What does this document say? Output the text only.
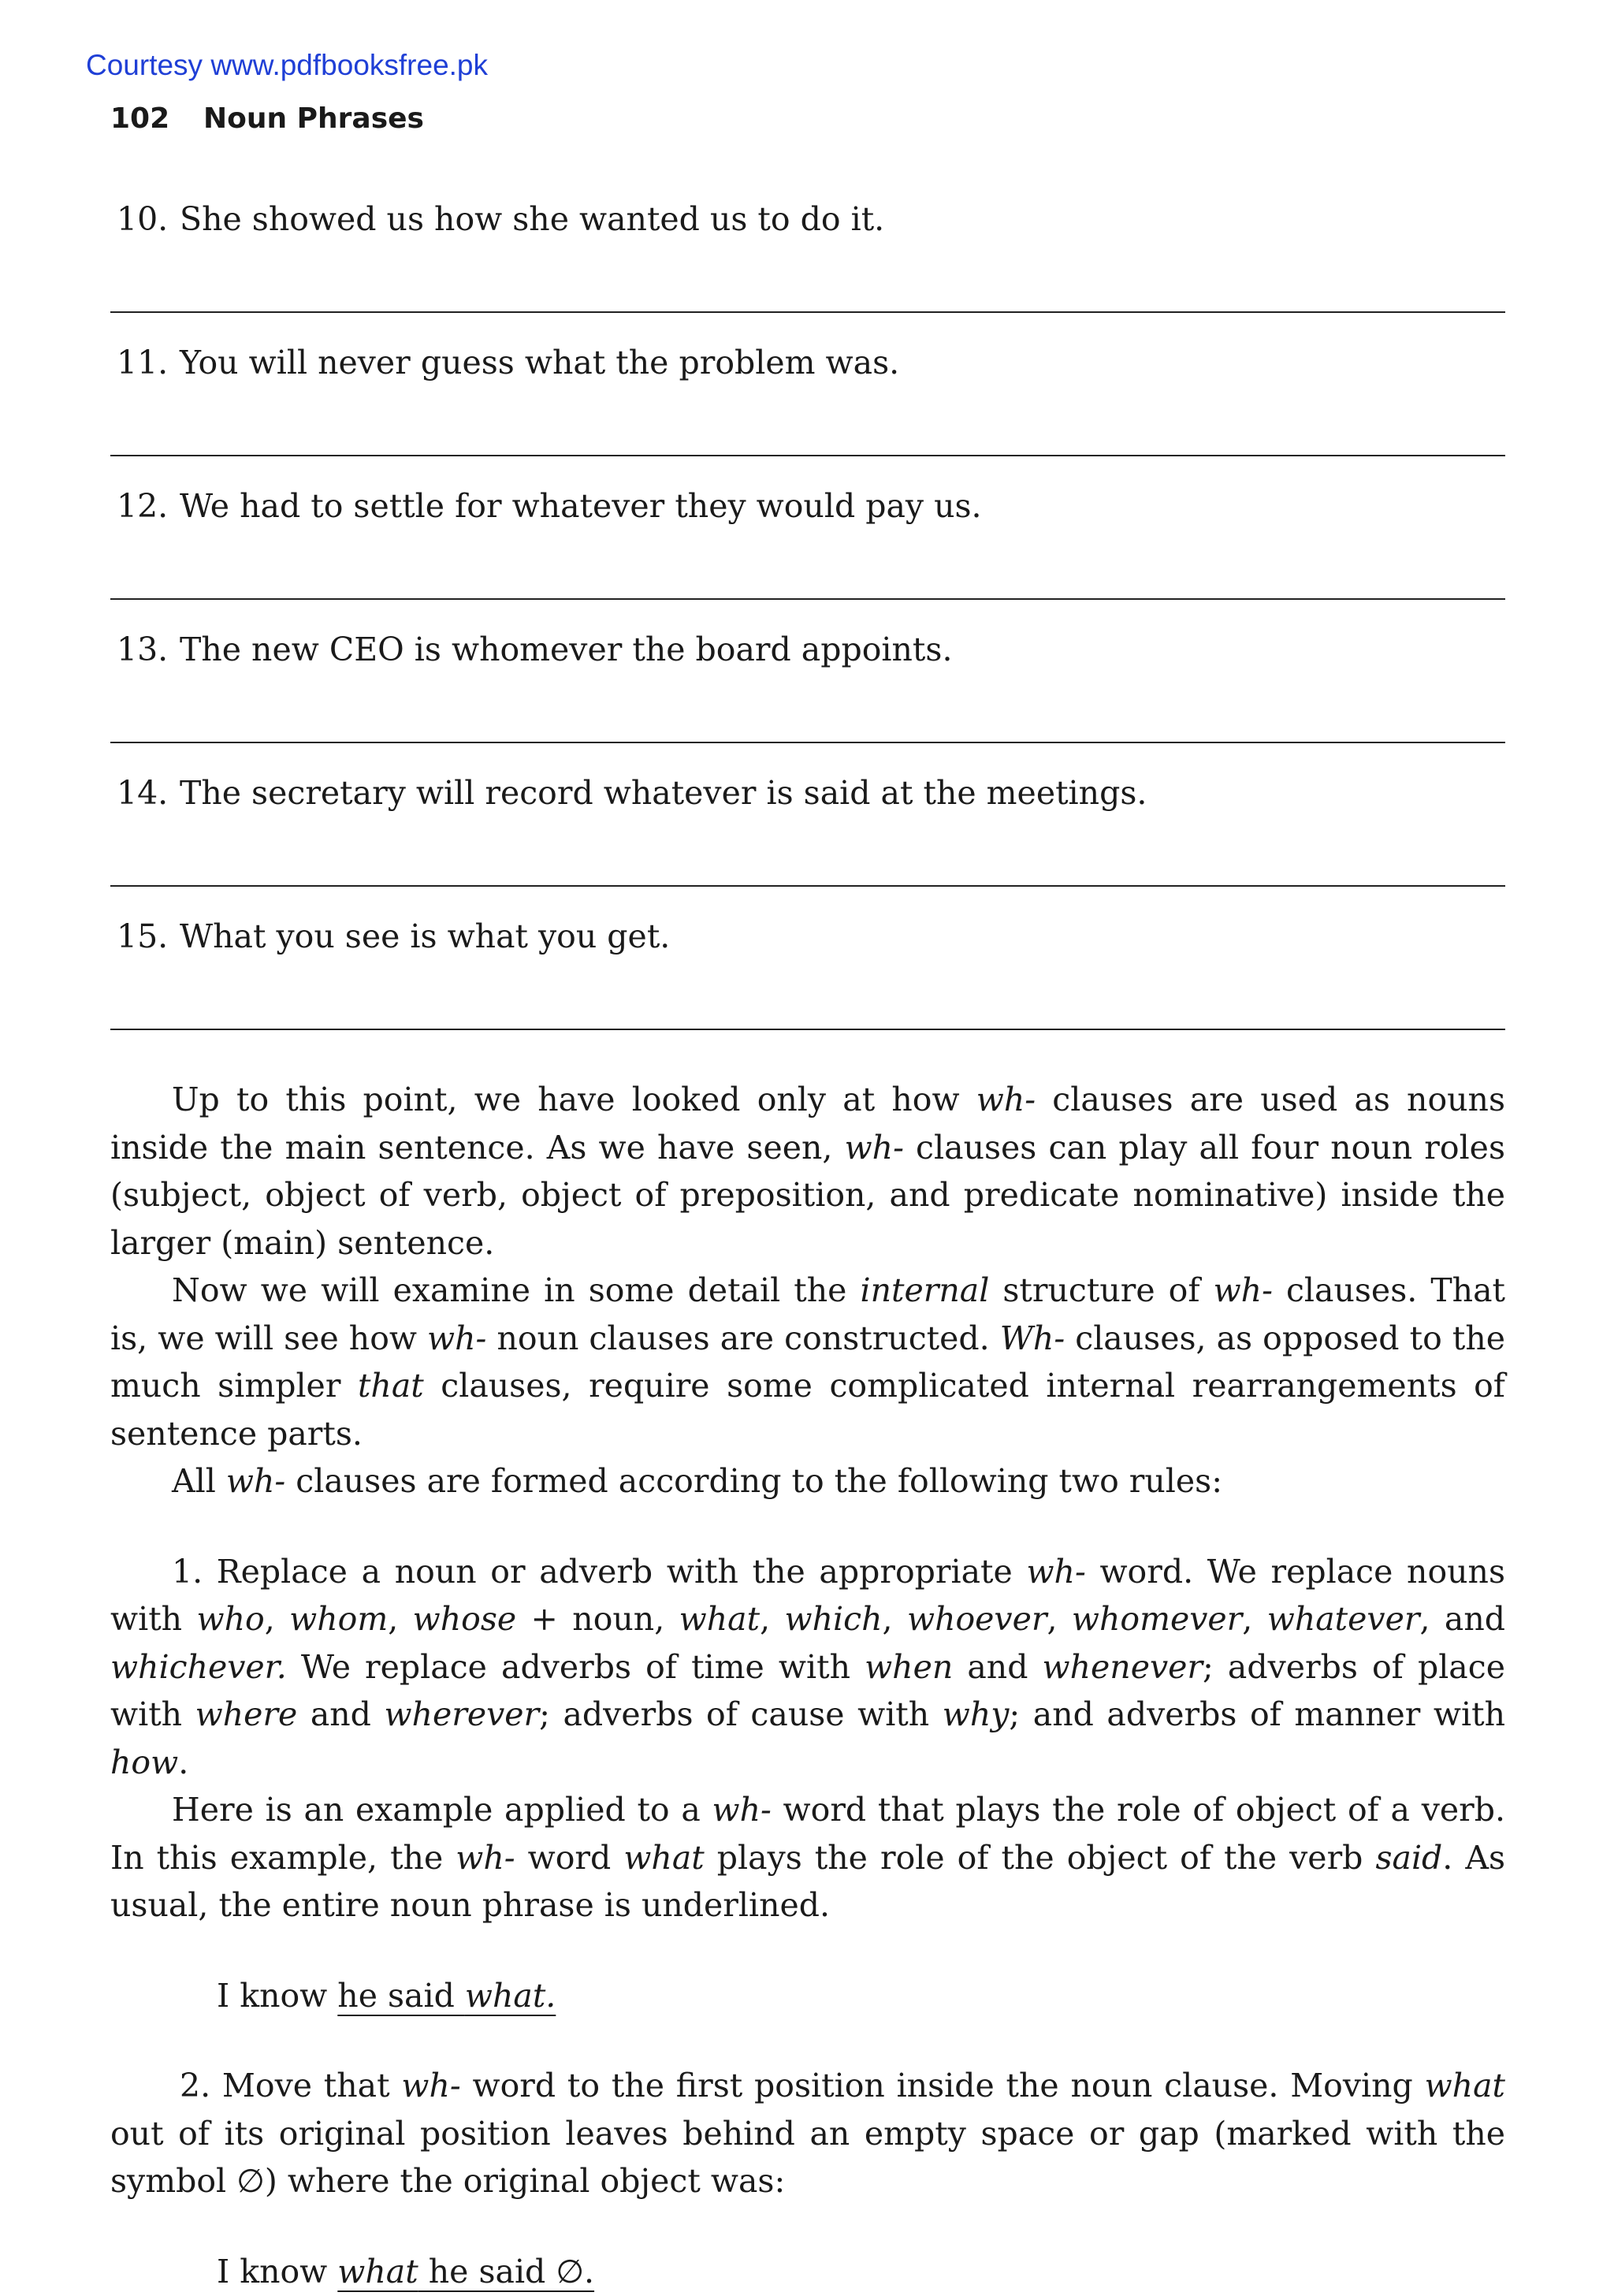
Courtesy www.pdfbooksfree.pk
102 Noun Phrases
10. She showed us how she wanted us to do it.
11. You will never guess what the problem was.
12. We had to settle for whatever they would pay us.
13. The new CEO is whomever the board appoints.
14. The secretary will record whatever is said at the meetings.
15. What you see is what you get.

Up to this point, we have looked only at how wh- clauses are used as nouns inside the main sentence. As we have seen, wh- clauses can play all four noun roles (subject, object of verb, object of preposition, and predicate nominative) inside the larger (main) sentence.

Now we will examine in some detail the internal structure of wh- clauses. That is, we will see how wh- noun clauses are constructed. Wh- clauses, as opposed to the much simpler that clauses, require some complicated internal rearrangements of sentence parts.

All wh- clauses are formed according to the following two rules:

1. Replace a noun or adverb with the appropriate wh- word. We replace nouns with who, whom, whose + noun, what, which, whoever, whomever, whatever, and whichever. We replace adverbs of time with when and whenever; adverbs of place with where and wherever; adverbs of cause with why; and adverbs of manner with how.

Here is an example applied to a wh- word that plays the role of object of a verb. In this example, the wh- word what plays the role of the object of the verb said. As usual, the entire noun phrase is underlined.

I know he said what.

2. Move that wh- word to the first position inside the noun clause. Moving what out of its original position leaves behind an empty space or gap (marked with the symbol ∅) where the original object was:

I know what he said ∅.
